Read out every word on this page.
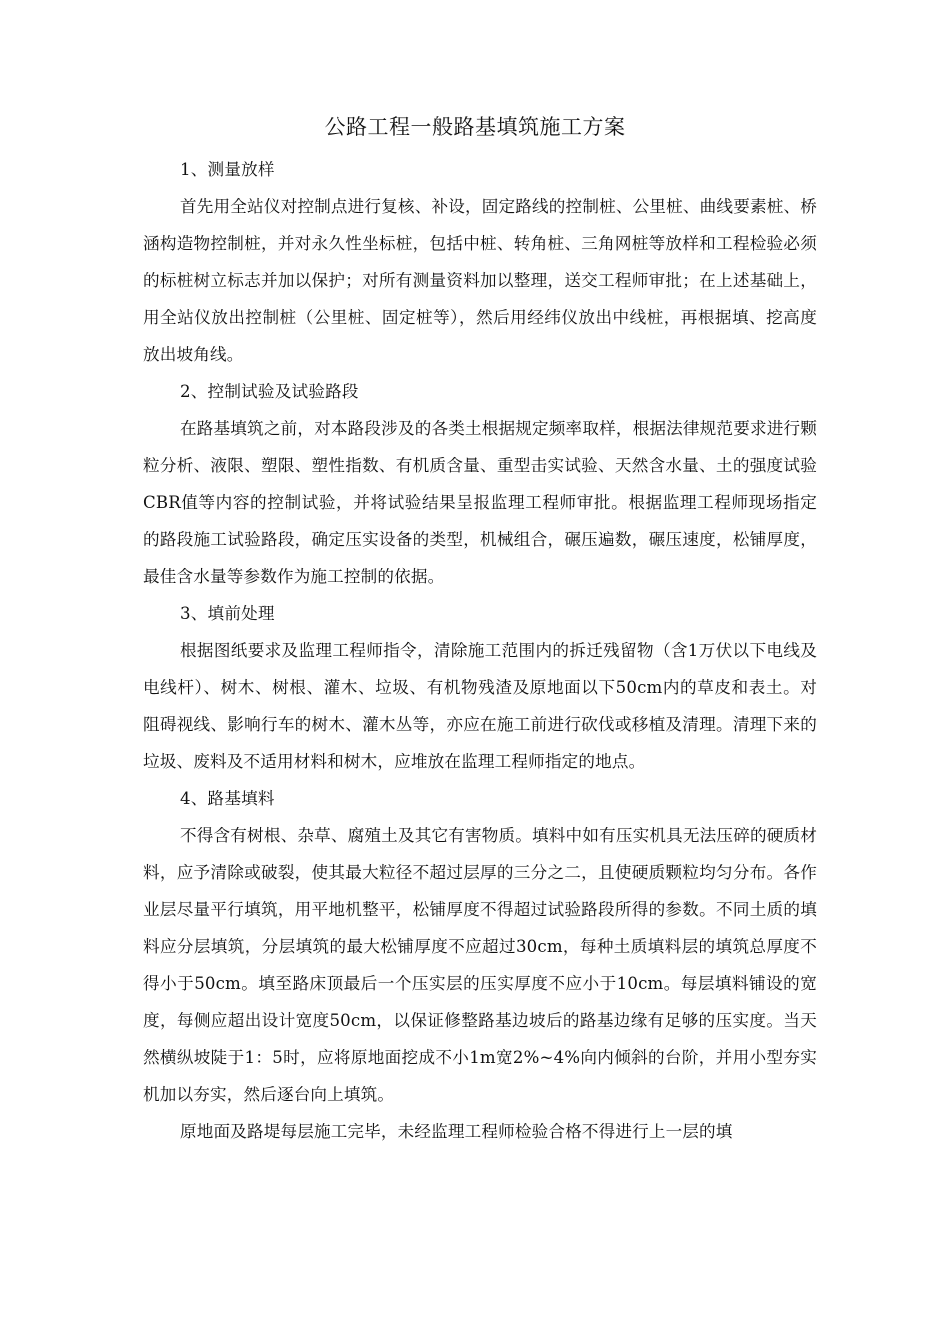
公路工程一般路基填筑施工方案

1、测量放样

首先用全站仪对控制点进行复核、补设，固定路线的控制桩、公里桩、曲线要素桩、桥涵构造物控制桩，并对永久性坐标桩，包括中桩、转角桩、三角网桩等放样和工程检验必须的标桩树立标志并加以保护；对所有测量资料加以整理，送交工程师审批；在上述基础上，用全站仪放出控制桩（公里桩、固定桩等），然后用经纬仪放出中线桩，再根据填、挖高度放出坡角线。

2、控制试验及试验路段

在路基填筑之前，对本路段涉及的各类土根据规定频率取样，根据法律规范要求进行颗粒分析、液限、塑限、塑性指数、有机质含量、重型击实试验、天然含水量、土的强度试验CBR值等内容的控制试验，并将试验结果呈报监理工程师审批。根据监理工程师现场指定的路段施工试验路段，确定压实设备的类型，机械组合，碾压遍数，碾压速度，松铺厚度，最佳含水量等参数作为施工控制的依据。

3、填前处理

根据图纸要求及监理工程师指令，清除施工范围内的拆迁残留物（含1万伏以下电线及电线杆）、树木、树根、灌木、垃圾、有机物残渣及原地面以下50cm内的草皮和表土。对阻碍视线、影响行车的树木、灌木丛等，亦应在施工前进行砍伐或移植及清理。清理下来的垃圾、废料及不适用材料和树木，应堆放在监理工程师指定的地点。

4、路基填料

不得含有树根、杂草、腐殖土及其它有害物质。填料中如有压实机具无法压碎的硬质材料，应予清除或破裂，使其最大粒径不超过层厚的三分之二，且使硬质颗粒均匀分布。各作业层尽量平行填筑，用平地机整平，松铺厚度不得超过试验路段所得的参数。不同土质的填料应分层填筑，分层填筑的最大松铺厚度不应超过30cm，每种土质填料层的填筑总厚度不得小于50cm。填至路床顶最后一个压实层的压实厚度不应小于10cm。每层填料铺设的宽度，每侧应超出设计宽度50cm，以保证修整路基边坡后的路基边缘有足够的压实度。当天然横纵坡陡于1：5时，应将原地面挖成不小1m宽2%~4%向内倾斜的台阶，并用小型夯实机加以夯实，然后逐台向上填筑。

原地面及路堤每层施工完毕，未经监理工程师检验合格不得进行上一层的填
